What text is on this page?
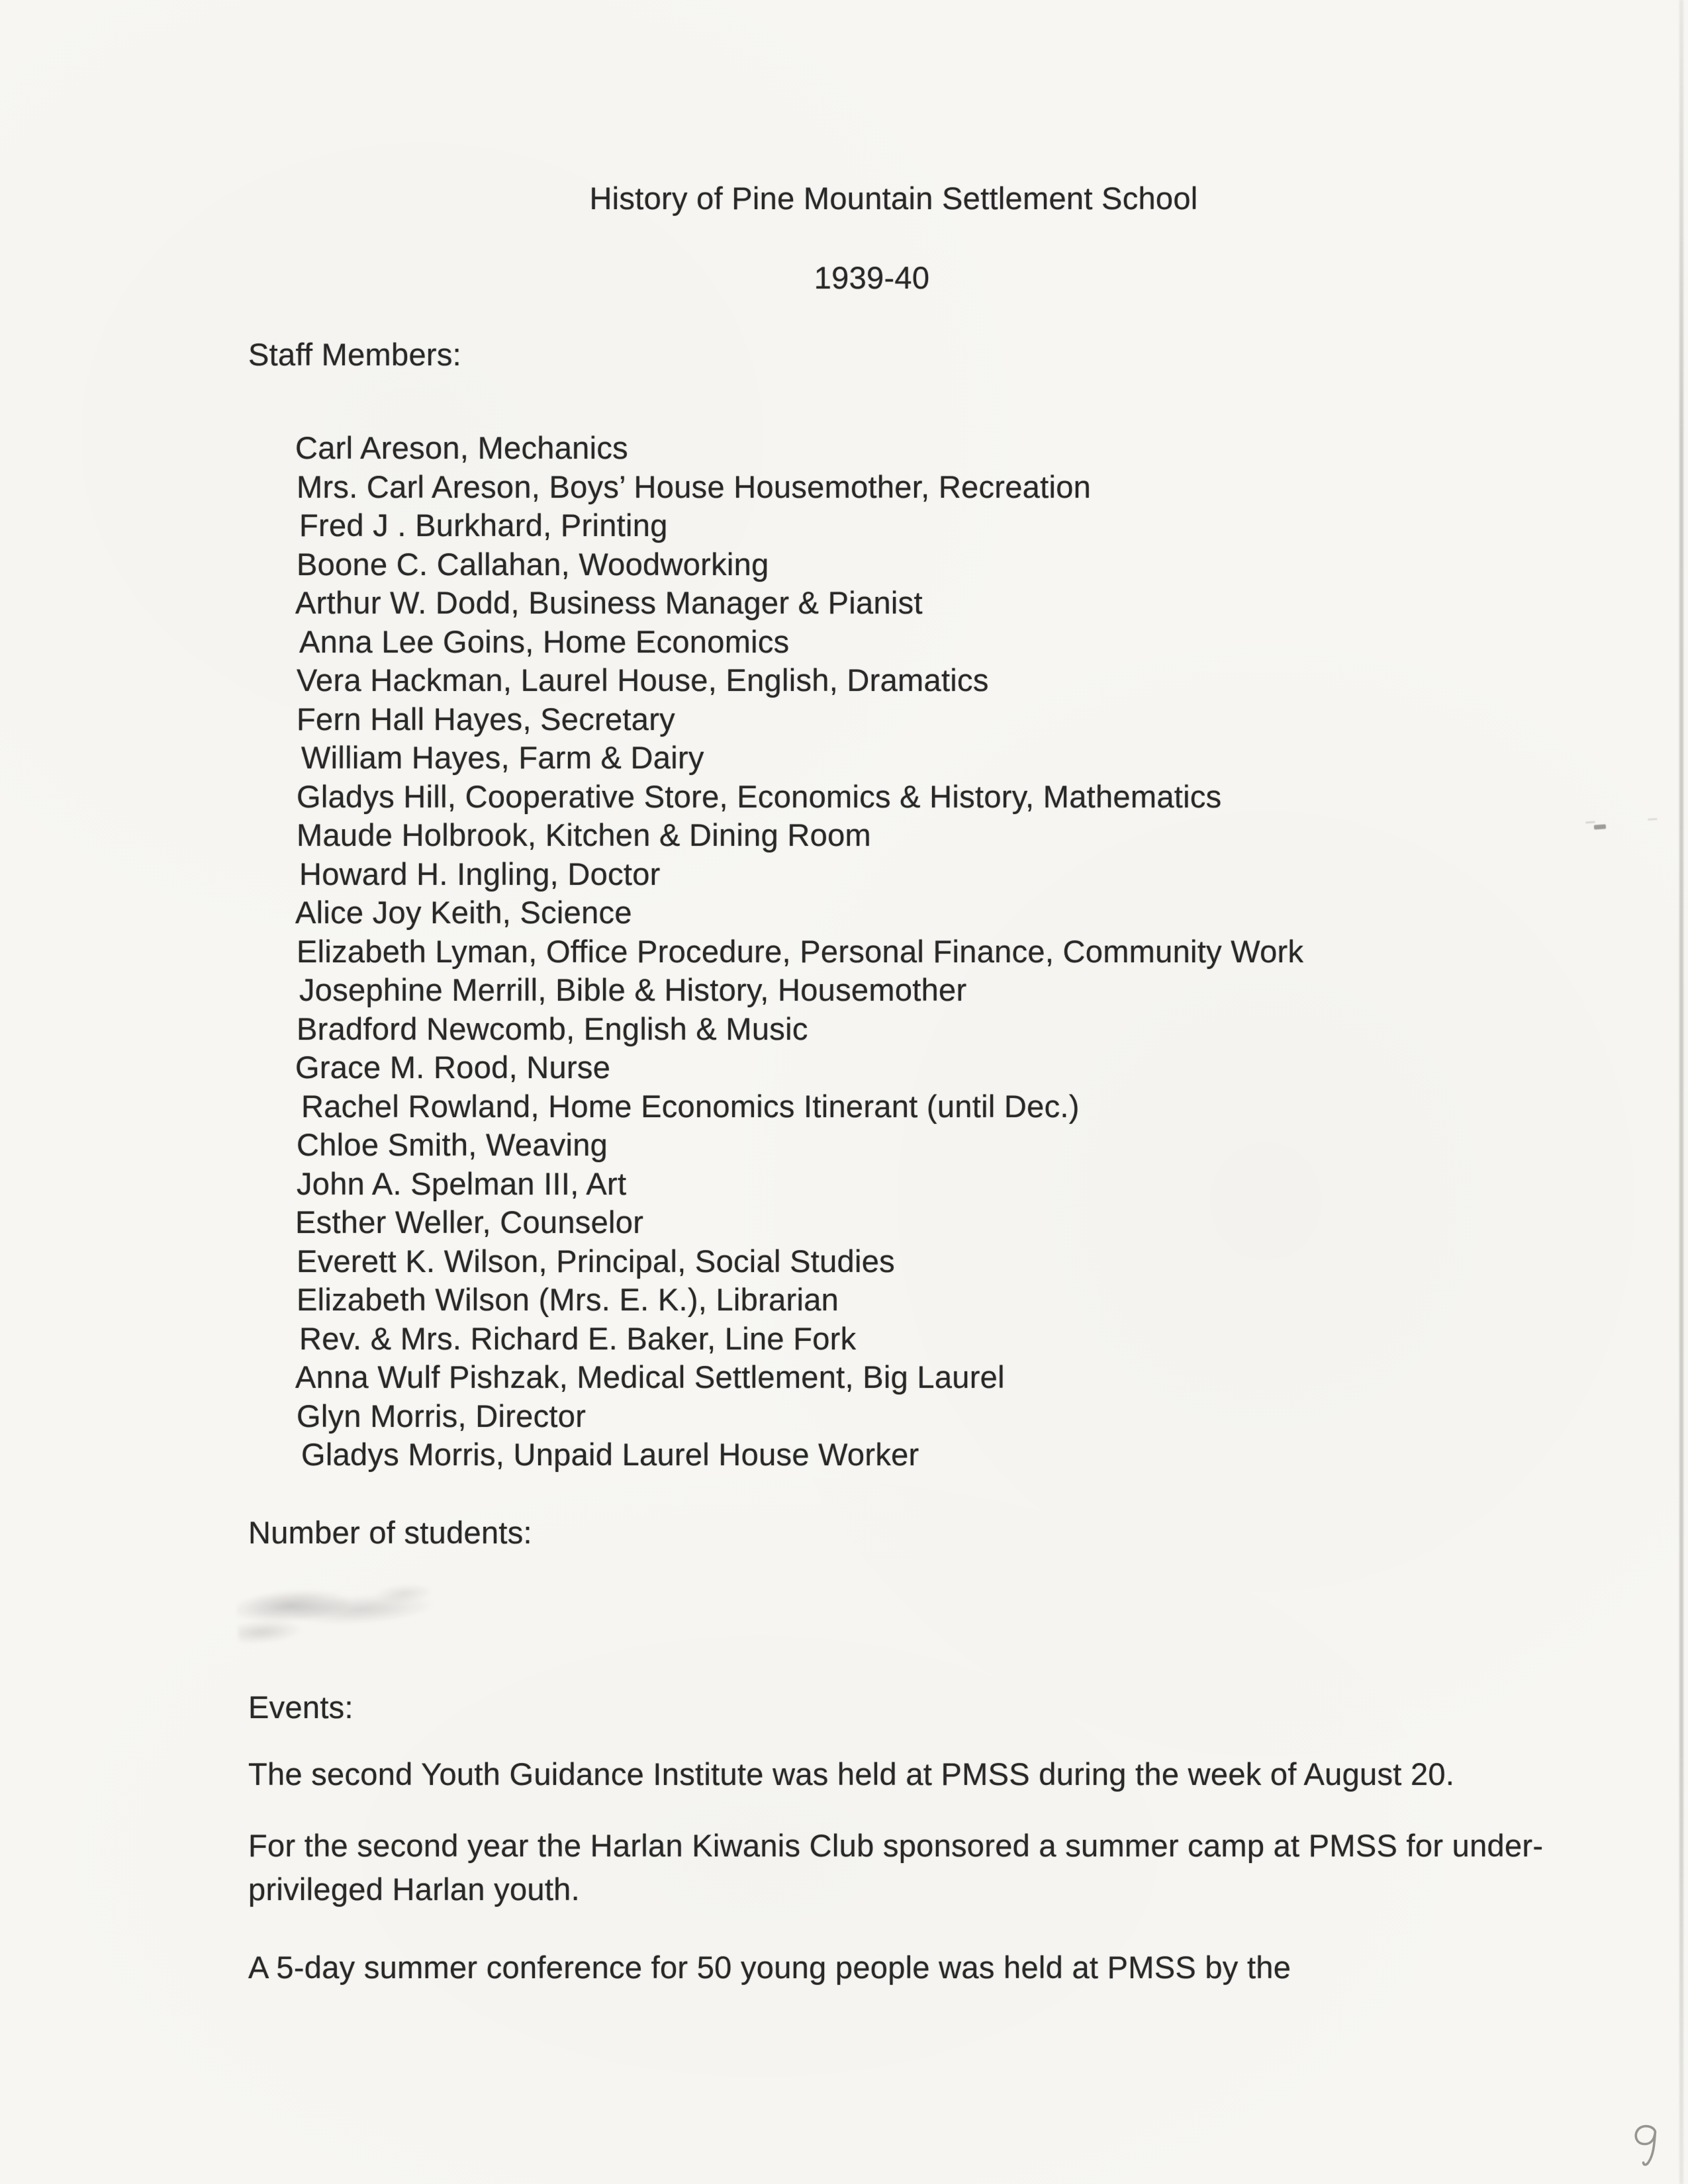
History of Pine Mountain Settlement School
1939-40
Staff Members:
Carl Areson, Mechanics
Mrs. Carl Areson, Boys’ House Housemother, Recreation
Fred J . Burkhard, Printing
Boone C. Callahan, Woodworking
Arthur W. Dodd, Business Manager & Pianist
Anna Lee Goins, Home Economics
Vera Hackman, Laurel House, English, Dramatics
Fern Hall Hayes, Secretary
William Hayes, Farm & Dairy
Gladys Hill, Cooperative Store, Economics & History, Mathematics
Maude Holbrook, Kitchen & Dining Room
Howard H. Ingling, Doctor
Alice Joy Keith, Science
Elizabeth Lyman, Office Procedure, Personal Finance, Community Work
Josephine Merrill, Bible & History, Housemother
Bradford Newcomb, English & Music
Grace M. Rood, Nurse
Rachel Rowland, Home Economics Itinerant (until Dec.)
Chloe Smith, Weaving
John A. Spelman III, Art
Esther Weller, Counselor
Everett K. Wilson, Principal, Social Studies
Elizabeth Wilson (Mrs. E. K.), Librarian
Rev. & Mrs. Richard E. Baker, Line Fork
Anna Wulf Pishzak, Medical Settlement, Big Laurel
Glyn Morris, Director
Gladys Morris, Unpaid Laurel House Worker
Number of students:
Events:
The second Youth Guidance Institute was held at PMSS during the week of August 20.
For the second year the Harlan Kiwanis Club sponsored a summer camp at PMSS for under-privileged Harlan youth.
A 5-day summer conference for 50 young people was held at PMSS by the
